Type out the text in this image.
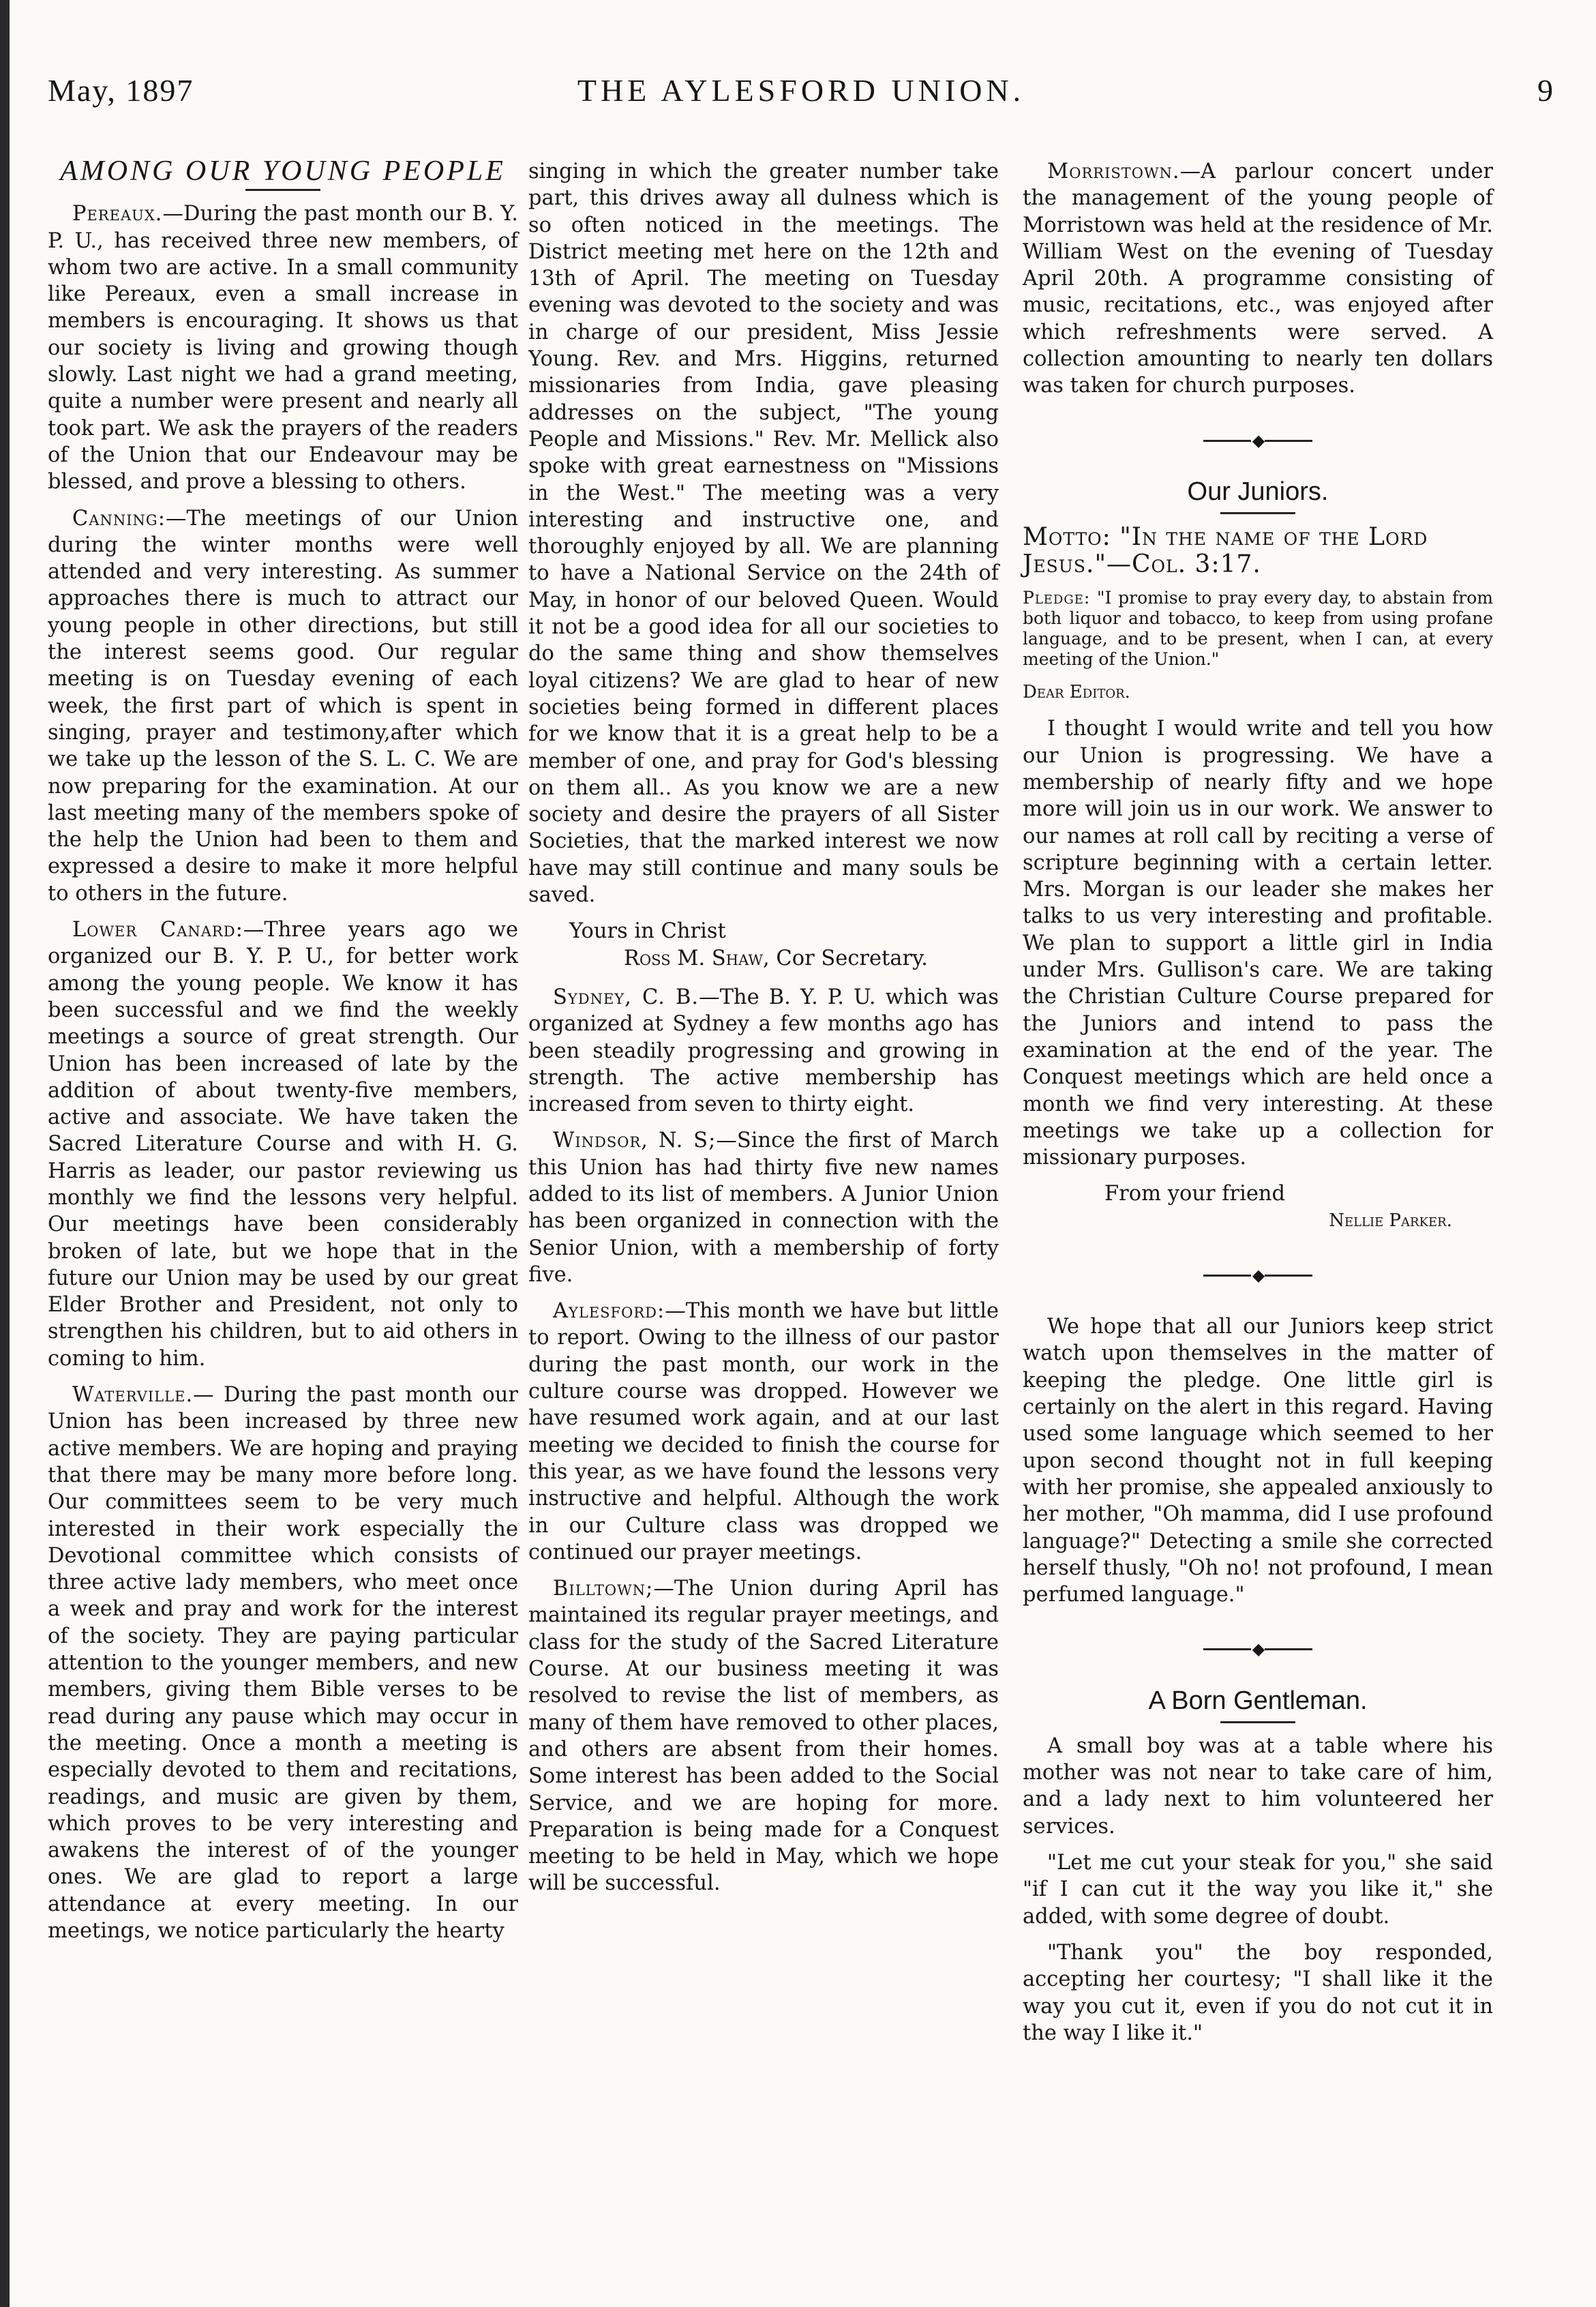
May, 1897	THE AYLESFORD UNION.	9
AMONG OUR YOUNG PEOPLE

Pereaux.—During the past month our B. Y. P. U., has received three new members, of whom two are active. In a small community like Pereaux, even a small increase in members is encouraging. It shows us that our society is living and growing though slowly. Last night we had a grand meeting, quite a number were present and nearly all took part. We ask the prayers of the readers of the Union that our Endeavour may be blessed, and prove a blessing to others.

Canning:—The meetings of our Union during the winter months were well attended and very interesting. As summer approaches there is much to attract our young people in other directions, but still the interest seems good. Our regular meeting is on Tuesday evening of each week, the first part of which is spent in singing, prayer and testimony,after which we take up the lesson of the S. L. C. We are now preparing for the examination. At our last meeting many of the members spoke of the help the Union had been to them and expressed a desire to make it more helpful to others in the future.

Lower Canard:—Three years ago we organized our B. Y. P. U., for better work among the young people. We know it has been successful and we find the weekly meetings a source of great strength. Our Union has been increased of late by the addition of about twenty-five members, active and associate. We have taken the Sacred Literature Course and with H. G. Harris as leader, our pastor reviewing us monthly we find the lessons very helpful. Our meetings have been considerably broken of late, but we hope that in the future our Union may be used by our great Elder Brother and President, not only to strengthen his children, but to aid others in coming to him.

Waterville.— During the past month our Union has been increased by three new active members. We are hoping and praying that there may be many more before long. Our committees seem to be very much interested in their work especially the Devotional committee which consists of three active lady members, who meet once a week and pray and work for the interest of the society. They are paying particular attention to the younger members, and new members, giving them Bible verses to be read during any pause which may occur in the meeting. Once a month a meeting is especially devoted to them and recitations, readings, and music are given by them, which proves to be very interesting and awakens the interest of of the younger ones. We are glad to report a large attendance at every meeting. In our meetings, we notice particularly the hearty

singing in which the greater number take part, this drives away all dulness which is so often noticed in the meetings. The District meeting met here on the 12th and 13th of April. The meeting on Tuesday evening was devoted to the society and was in charge of our president, Miss Jessie Young. Rev. and Mrs. Higgins, returned missionaries from India, gave pleasing addresses on the subject, "The young People and Missions." Rev. Mr. Mellick also spoke with great earnestness on "Missions in the West." The meeting was a very interesting and instructive one, and thoroughly enjoyed by all. We are planning to have a National Service on the 24th of May, in honor of our beloved Queen. Would it not be a good idea for all our societies to do the same thing and show themselves loyal citizens? We are glad to hear of new societies being formed in different places for we know that it is a great help to be a member of one, and pray for God's blessing on them all.. As you know we are a new society and desire the prayers of all Sister Societies, that the marked interest we now have may still continue and many souls be saved.

Yours in Christ

Ross M. Shaw, Cor Secretary.

Sydney, C. B.—The B. Y. P. U. which was organized at Sydney a few months ago has been steadily progressing and growing in strength. The active membership has increased from seven to thirty eight.

Windsor, N. S;—Since the first of March this Union has had thirty five new names added to its list of members. A Junior Union has been organized in connection with the Senior Union, with a membership of forty five.

Aylesford:—This month we have but little to report. Owing to the illness of our pastor during the past month, our work in the culture course was dropped. However we have resumed work again, and at our last meeting we decided to finish the course for this year, as we have found the lessons very instructive and helpful. Although the work in our Culture class was dropped we continued our prayer meetings.

Billtown;—The Union during April has maintained its regular prayer meetings, and class for the study of the Sacred Literature Course. At our business meeting it was resolved to revise the list of members, as many of them have removed to other places, and others are absent from their homes. Some interest has been added to the Social Service, and we are hoping for more. Preparation is being made for a Conquest meeting to be held in May, which we hope will be successful.

Morristown.—A parlour concert under the management of the young people of Morristown was held at the residence of Mr. William West on the evening of Tuesday April 20th. A programme consisting of music, recitations, etc., was enjoyed after which refreshments were served. A collection amounting to nearly ten dollars was taken for church purposes.

◆
Our Juniors.

Motto: "In the name of the Lord Jesus."—Col. 3:17.

Pledge: "I promise to pray every day, to abstain from both liquor and tobacco, to keep from using profane language, and to be present, when I can, at every meeting of the Union."

Dear Editor.

I thought I would write and tell you how our Union is progressing. We have a membership of nearly fifty and we hope more will join us in our work. We answer to our names at roll call by reciting a verse of scripture beginning with a certain letter. Mrs. Morgan is our leader she makes her talks to us very interesting and profitable. We plan to support a little girl in India under Mrs. Gullison's care. We are taking the Christian Culture Course prepared for the Juniors and intend to pass the examination at the end of the year. The Conquest meetings which are held once a month we find very interesting. At these meetings we take up a collection for missionary purposes.

From your friend

Nellie Parker.

◆

We hope that all our Juniors keep strict watch upon themselves in the matter of keeping the pledge. One little girl is certainly on the alert in this regard. Having used some language which seemed to her upon second thought not in full keeping with her promise, she appealed anxiously to her mother, "Oh mamma, did I use profound language?" Detecting a smile she corrected herself thusly, "Oh no! not profound, I mean perfumed language."

◆
A Born Gentleman.

A small boy was at a table where his mother was not near to take care of him, and a lady next to him volunteered her services.

"Let me cut your steak for you," she said "if I can cut it the way you like it," she added, with some degree of doubt.

"Thank you" the boy responded, accepting her courtesy; "I shall like it the way you cut it, even if you do not cut it in the way I like it."
